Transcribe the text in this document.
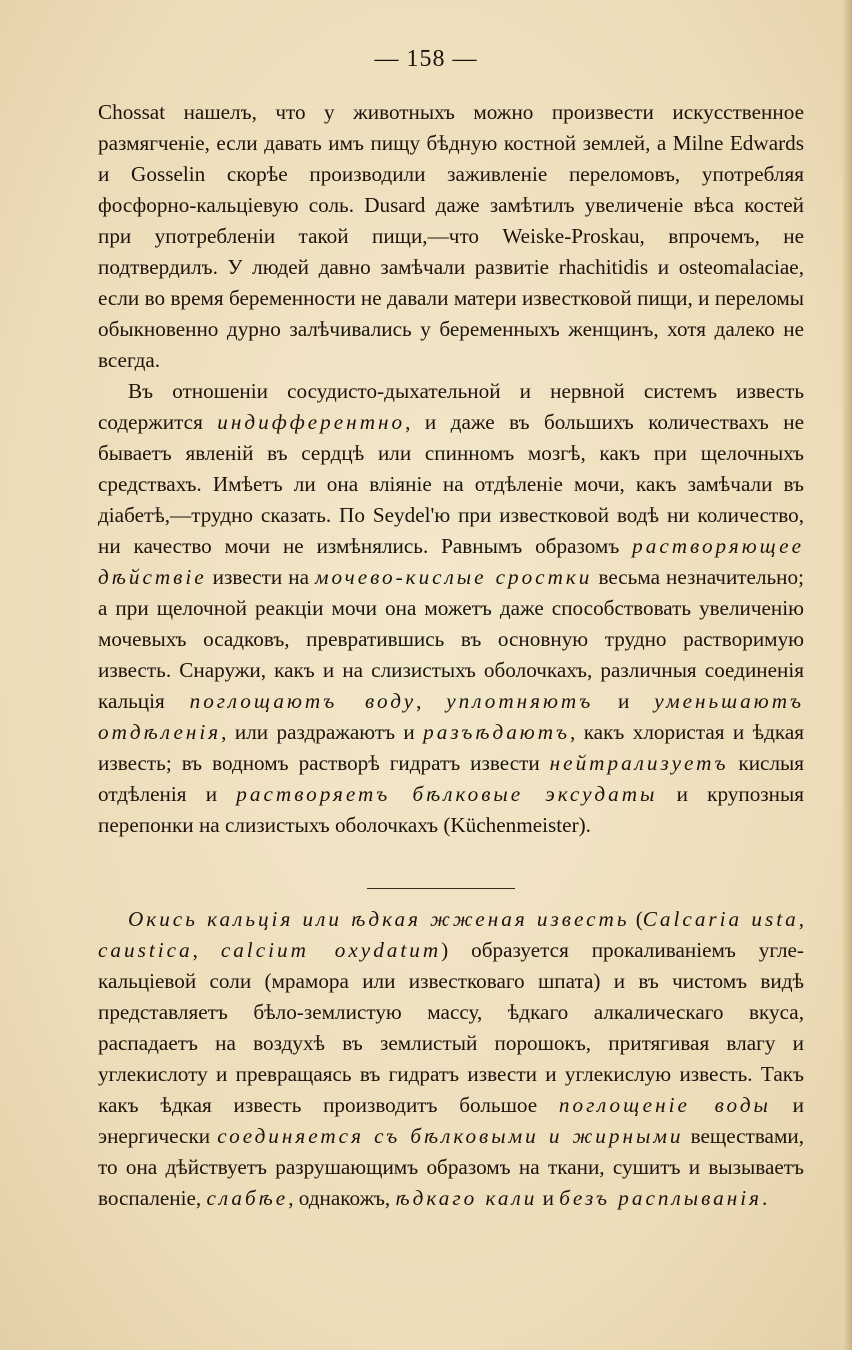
— 158 —

Chossat нашелъ, что у животныхъ можно произвести искусственное размягченіе, если давать имъ пищу бѣдную костной землей, а Milne Edwards и Gosselin скорѣе производили заживленіе переломовъ, употребляя фосфорно-кальціевую соль. Dusard даже замѣтилъ увеличеніе вѣса костей при употребленіи такой пищи,—что Weiske-Proskau, впрочемъ, не подтвердилъ. У людей давно замѣчали развитіе rhachitidis и osteomalaciae, если во время беременности не давали матери известковой пищи, и переломы обыкновенно дурно залѣчивались у беременныхъ женщинъ, хотя далеко не всегда.

Въ отношеніи сосудисто-дыхательной и нервной системъ известь содержится индифферентно, и даже въ большихъ количествахъ не бываетъ явленій въ сердцѣ или спинномъ мозгѣ, какъ при щелочныхъ средствахъ. Имѣетъ ли она вліяніе на отдѣленіе мочи, какъ замѣчали въ діабетѣ,—трудно сказать. По Seydel'ю при известковой водѣ ни количество, ни качество мочи не измѣнялись. Равнымъ образомъ растворяющее дѣйствіе извести на мочево-кислые сростки весьма незначительно; а при щелочной реакціи мочи она можетъ даже способствовать увеличенію мочевыхъ осадковъ, превратившись въ основную трудно растворимую известь. Снаружи, какъ и на слизистыхъ оболочкахъ, различныя соединенія кальція поглощаютъ воду, уплотняютъ и уменьшаютъ отдѣленія, или раздражаютъ и разъѣдаютъ, какъ хлористая и ѣдкая известь; въ водномъ растворѣ гидратъ извести нейтрализуетъ кислыя отдѣленія и растворяетъ бѣлковые эксудаты и крупозныя перепонки на слизистыхъ оболочкахъ (Küchenmeister).

Окись кальція или ѣдкая жженая известь (Calcaria usta, caustica, calcium oxydatum) образуется прокаливаніемъ угле-кальціевой соли (мрамора или известковаго шпата) и въ чистомъ видѣ представляетъ бѣло-землистую массу, ѣдкаго алкалическаго вкуса, распадаетъ на воздухѣ въ землистый порошокъ, притягивая влагу и углекислоту и превращаясь въ гидратъ извести и углекислую известь. Такъ какъ ѣдкая известь производитъ большое поглощеніе воды и энергически соединяется съ бѣлковыми и жирными веществами, то она дѣйствуетъ разрушающимъ образомъ на ткани, сушитъ и вызываетъ воспаленіе, слабѣе, однакожъ, ѣдкаго кали и безъ расплыванія.
